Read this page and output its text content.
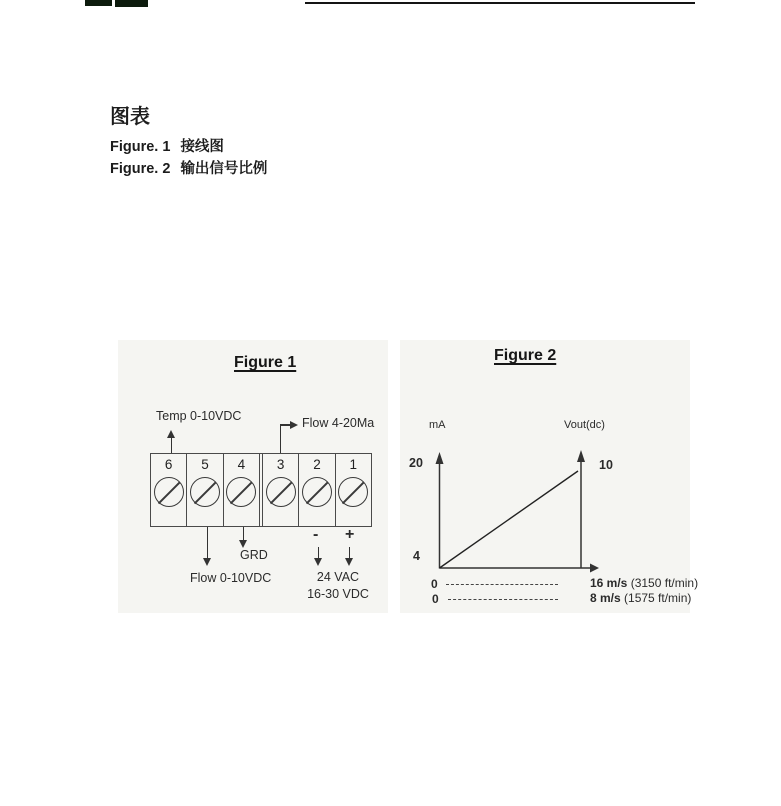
图表
Figure. 1 接线图
Figure. 2 输出信号比例
Figure 1
Temp 0-10VDC	Flow 4-20Ma
6	5	4	3	2	1
Flow 0-10VDC
GRD
- +
24 VAC
16-30 VDC
Figure 2
mA	Vout(dc)
20
4
10
0	16 m/s (3150 ft/min)
0	8 m/s (1575 ft/min)
